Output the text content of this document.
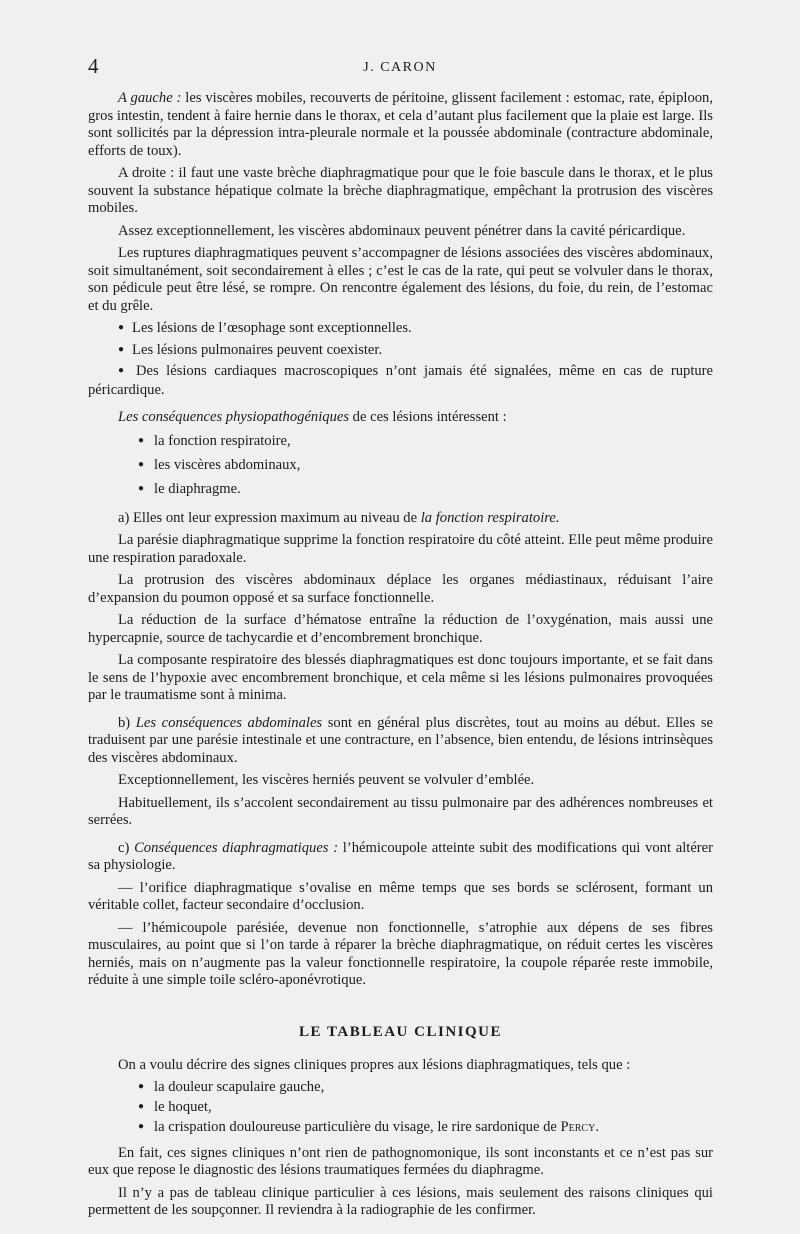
4	J. CARON

A gauche : les viscères mobiles, recouverts de péritoine, glissent facilement : estomac, rate, épiploon, gros intestin, tendent à faire hernie dans le thorax, et cela d’autant plus facilement que la plaie est large. Ils sont sollicités par la dépression intra-pleurale normale et la poussée abdominale (contracture abdominale, efforts de toux).

A droite : il faut une vaste brèche diaphragmatique pour que le foie bascule dans le thorax, et le plus souvent la substance hépatique colmate la brèche diaphragmatique, empêchant la protrusion des viscères mobiles.

Assez exceptionnellement, les viscères abdominaux peuvent pénétrer dans la cavité péricardique.

Les ruptures diaphragmatiques peuvent s’accompagner de lésions associées des viscères abdominaux, soit simultanément, soit secondairement à elles ; c’est le cas de la rate, qui peut se volvuler dans le thorax, son pédicule peut être lésé, se rompre. On rencontre également des lésions, du foie, du rein, de l’estomac et du grêle.

● Les lésions de l’œsophage sont exceptionnelles.

● Les lésions pulmonaires peuvent coexister.

● Des lésions cardiaques macroscopiques n’ont jamais été signalées, même en cas de rupture péricardique.

Les conséquences physiopathogéniques de ces lésions intéressent :

● la fonction respiratoire,
● les viscères abdominaux,
● le diaphragme.

a) Elles ont leur expression maximum au niveau de la fonction respiratoire.

La parésie diaphragmatique supprime la fonction respiratoire du côté atteint. Elle peut même produire une respiration paradoxale.

La protrusion des viscères abdominaux déplace les organes médiastinaux, réduisant l’aire d’expansion du poumon opposé et sa surface fonctionnelle.

La réduction de la surface d’hématose entraîne la réduction de l’oxygénation, mais aussi une hypercapnie, source de tachycardie et d’encombrement bronchique.

La composante respiratoire des blessés diaphragmatiques est donc toujours importante, et se fait dans le sens de l’hypoxie avec encombrement bronchique, et cela même si les lésions pulmonaires provoquées par le traumatisme sont à minima.

b) Les conséquences abdominales sont en général plus discrètes, tout au moins au début. Elles se traduisent par une parésie intestinale et une contracture, en l’absence, bien entendu, de lésions intrinsèques des viscères abdominaux.

Exceptionnellement, les viscères herniés peuvent se volvuler d’emblée.

Habituellement, ils s’accolent secondairement au tissu pulmonaire par des adhérences nombreuses et serrées.

c) Conséquences diaphragmatiques : l’hémicoupole atteinte subit des modifications qui vont altérer sa physiologie.

— l’orifice diaphragmatique s’ovalise en même temps que ses bords se sclérosent, formant un véritable collet, facteur secondaire d’occlusion.

— l’hémicoupole parésiée, devenue non fonctionnelle, s’atrophie aux dépens de ses fibres musculaires, au point que si l’on tarde à réparer la brèche diaphragmatique, on réduit certes les viscères herniés, mais on n’augmente pas la valeur fonctionnelle respiratoire, la coupole réparée reste immobile, réduite à une simple toile scléro-aponévrotique.

LE TABLEAU CLINIQUE

On a voulu décrire des signes cliniques propres aux lésions diaphragmatiques, tels que :

● la douleur scapulaire gauche,
● le hoquet,
● la crispation douloureuse particulière du visage, le rire sardonique de Percy.

En fait, ces signes cliniques n’ont rien de pathognomonique, ils sont inconstants et ce n’est pas sur eux que repose le diagnostic des lésions traumatiques fermées du diaphragme.

Il n’y a pas de tableau clinique particulier à ces lésions, mais seulement des raisons cliniques qui permettent de les soupçonner. Il reviendra à la radiographie de les confirmer.
